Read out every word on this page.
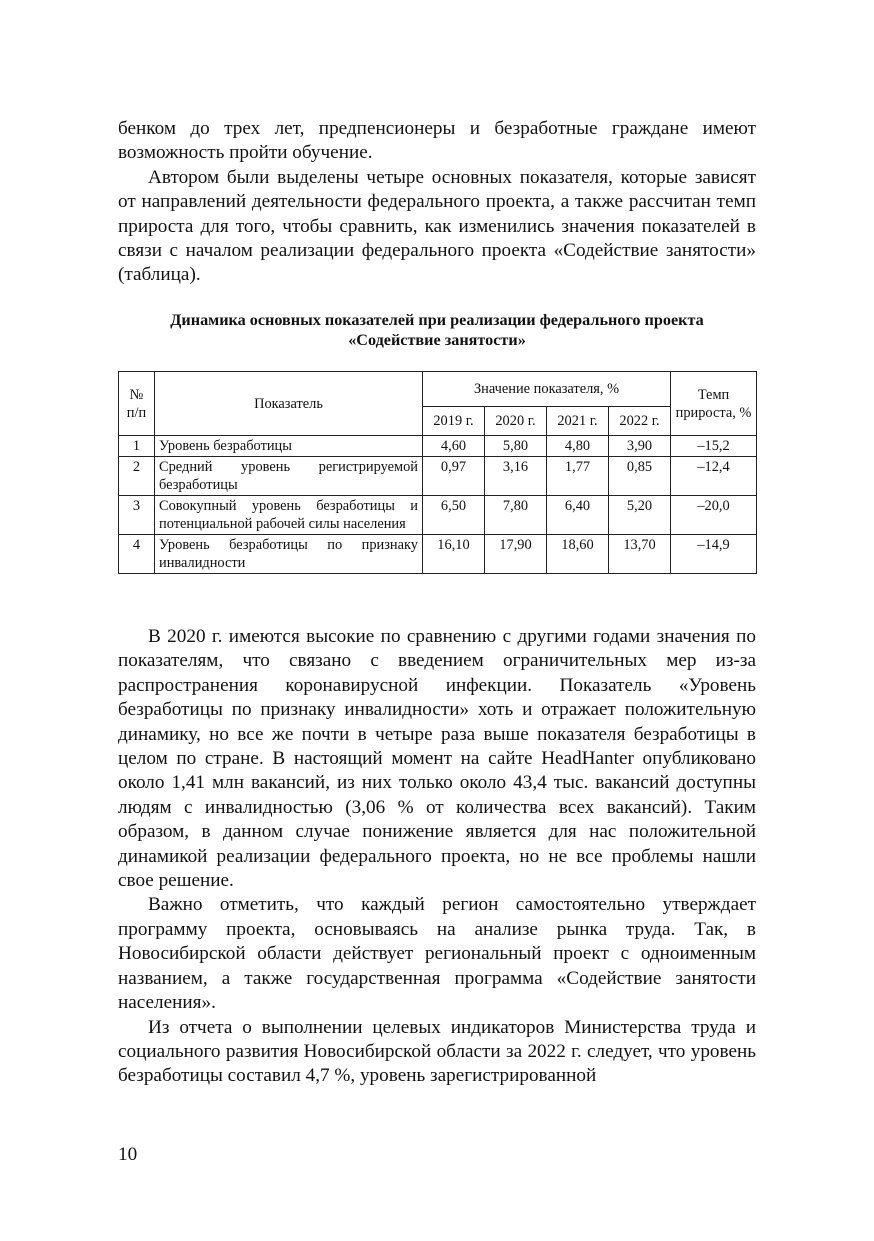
бенком до трех лет, предпенсионеры и безработные граждане имеют возможность пройти обучение.

Автором были выделены четыре основных показателя, которые зависят от направлений деятельности федерального проекта, а также рассчитан темп прироста для того, чтобы сравнить, как изменились значения показателей в связи с началом реализации федерального проекта «Содействие занятости» (таблица).

Динамика основных показателей при реализации федерального проекта
«Содействие занятости»
№ п/п	Показатель	Значение показателя, %				Темп прироста, %
		2019 г.	2020 г.	2021 г.	2022 г.	
1	Уровень безработицы	4,60	5,80	4,80	3,90	–15,2
2	Средний уровень регистрируемой безработицы	0,97	3,16	1,77	0,85	–12,4
3	Совокупный уровень безработицы и потенциальной рабочей силы населения	6,50	7,80	6,40	5,20	–20,0
4	Уровень безработицы по признаку инвалидности	16,10	17,90	18,60	13,70	–14,9

В 2020 г. имеются высокие по сравнению с другими годами значения по показателям, что связано с введением ограничительных мер из-за распространения коронавирусной инфекции. Показатель «Уровень безработицы по признаку инвалидности» хоть и отражает положительную динамику, но все же почти в четыре раза выше показателя безработицы в целом по стране. В настоящий момент на сайте HeadHanter опубликовано около 1,41 млн вакансий, из них только около 43,4 тыс. вакансий доступны людям с инвалидностью (3,06 % от количества всех вакансий). Таким образом, в данном случае понижение является для нас положительной динамикой реализации федерального проекта, но не все проблемы нашли свое решение.

Важно отметить, что каждый регион самостоятельно утверждает программу проекта, основываясь на анализе рынка труда. Так, в Новосибирской области действует региональный проект с одноименным названием, а также государственная программа «Содействие занятости населения».

Из отчета о выполнении целевых индикаторов Министерства труда и социального развития Новосибирской области за 2022 г. следует, что уровень безработицы составил 4,7 %, уровень зарегистрированной

10
